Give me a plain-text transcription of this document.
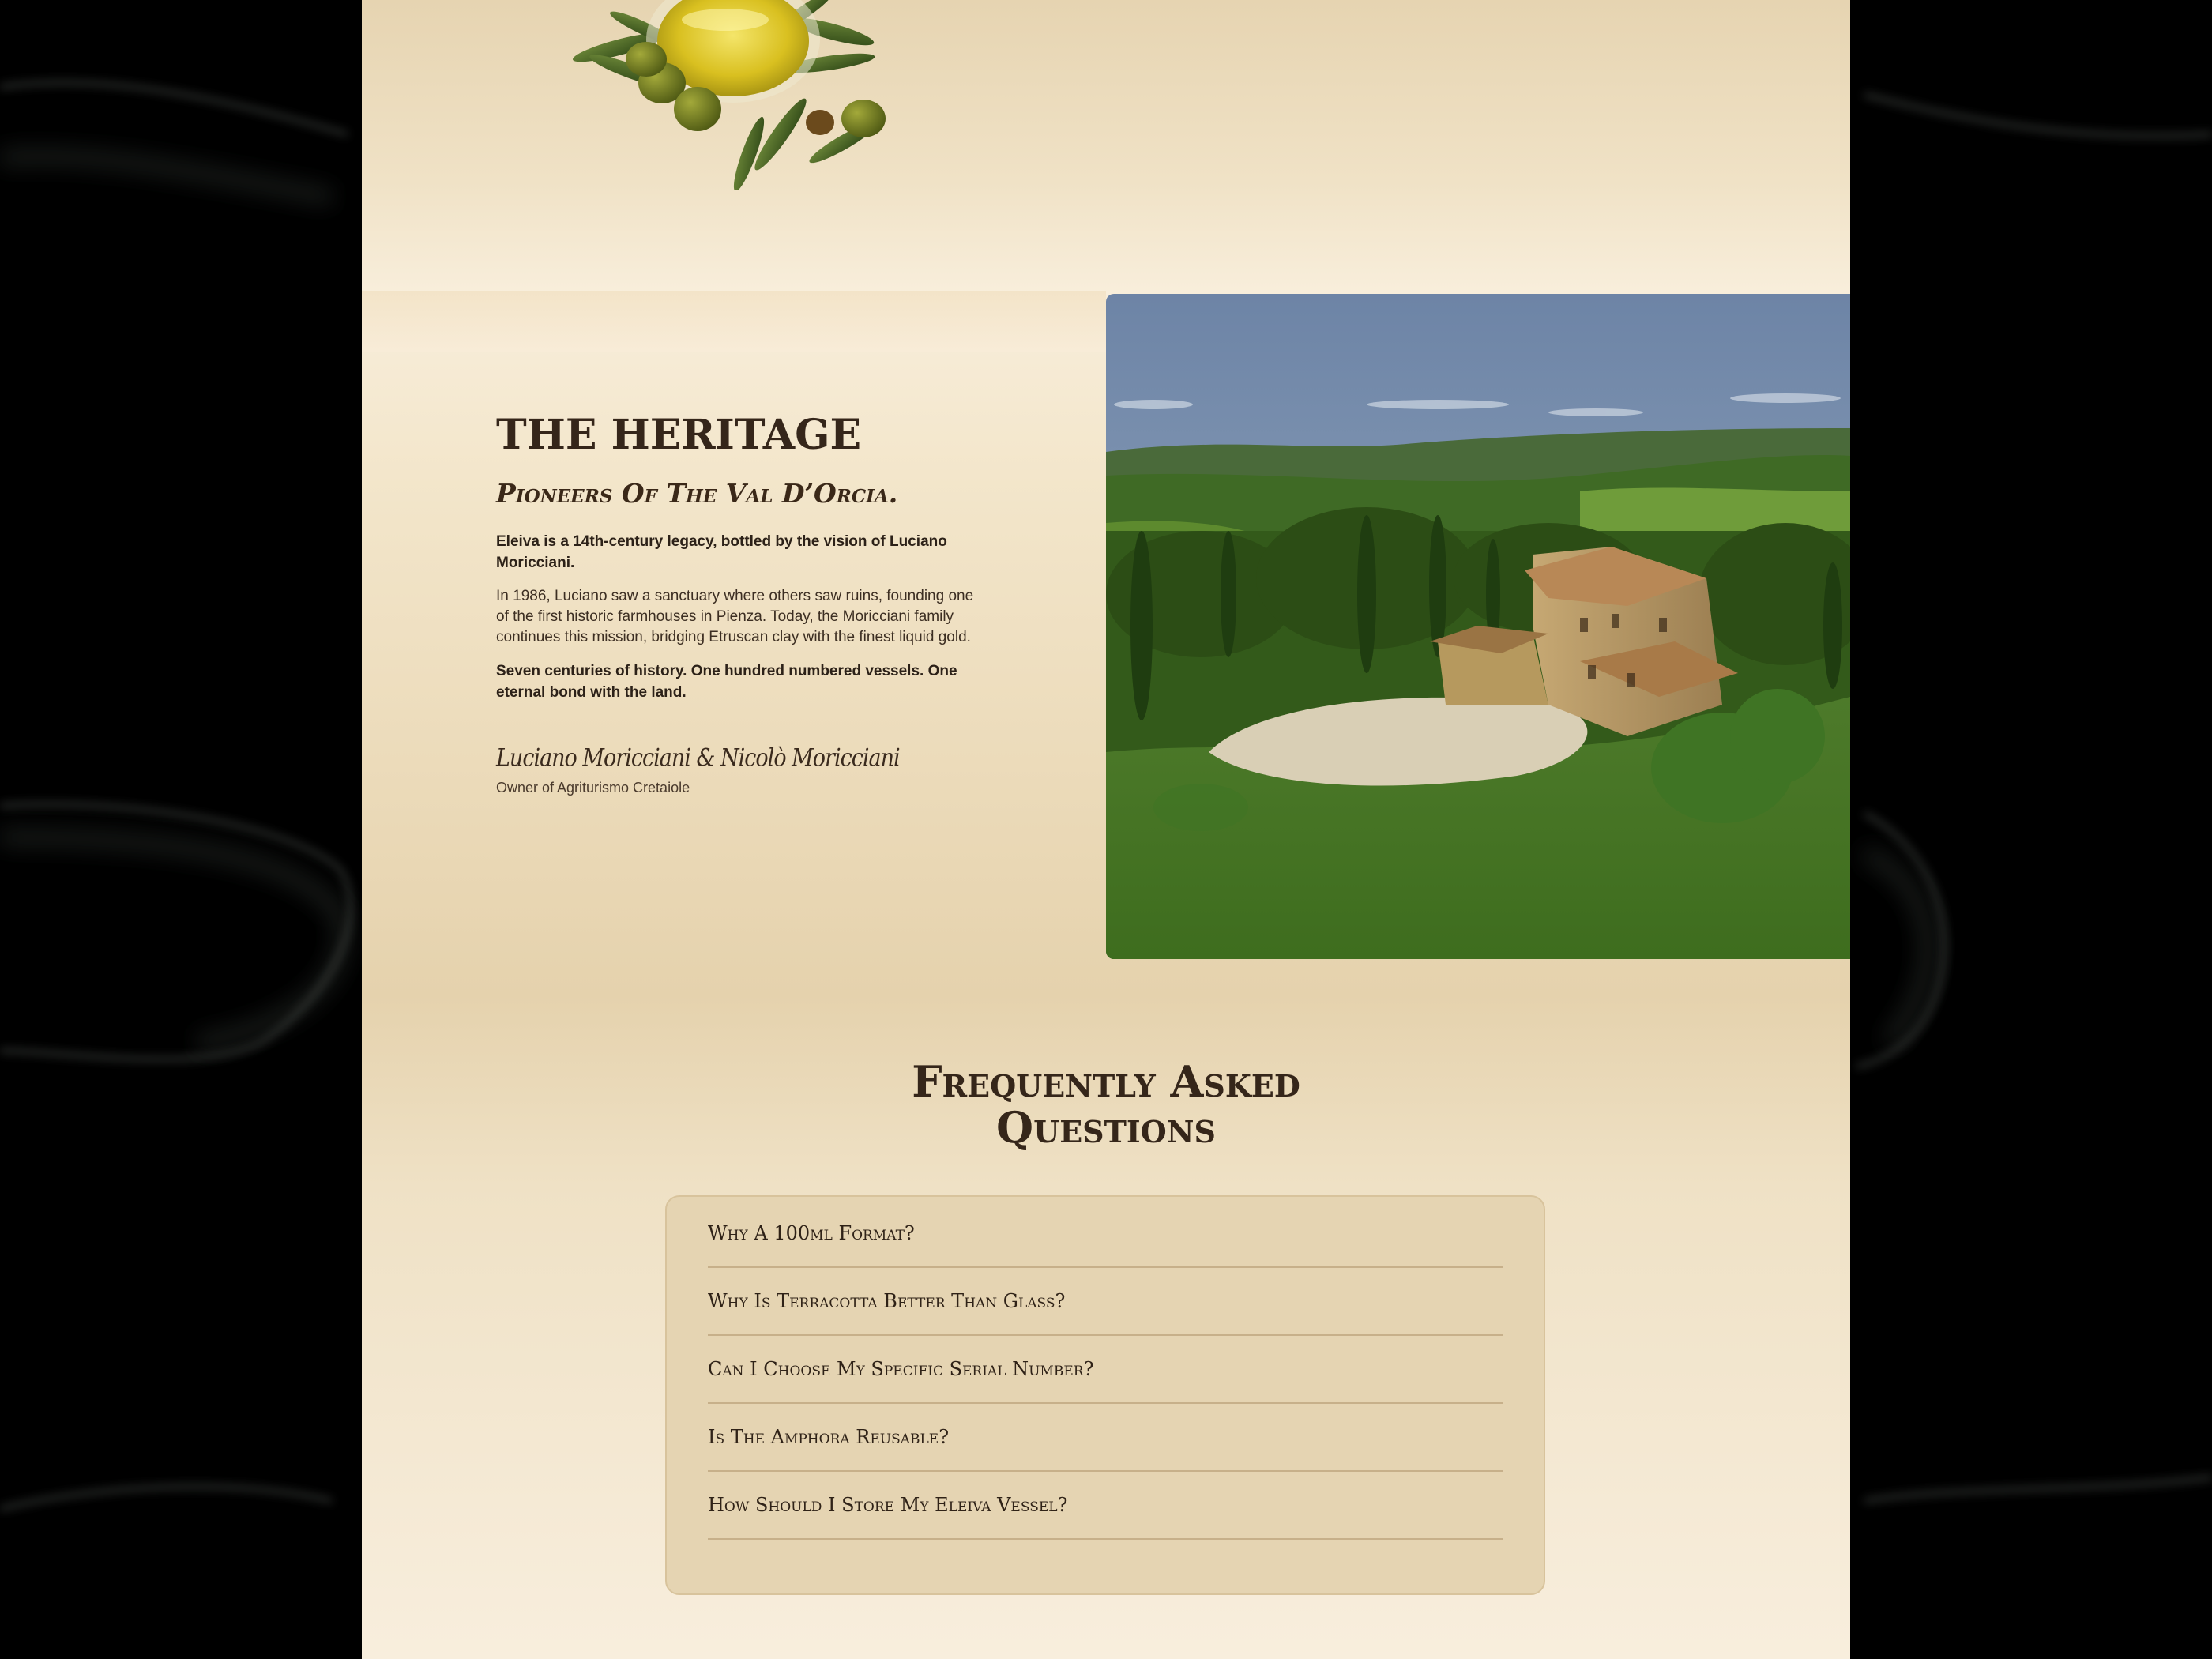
THE HERITAGE
Pioneers Of The Val D’Orcia.

Eleiva is a 14th-century legacy, bottled by the vision of Luciano Moricciani.

In 1986, Luciano saw a sanctuary where others saw ruins, founding one of the first historic farmhouses in Pienza. Today, the Moricciani family continues this mission, bridging Etruscan clay with the finest liquid gold.

Seven centuries of history. One hundred numbered vessels. One eternal bond with the land.

Luciano Moricciani & Nicolò Moricciani
Owner of Agriturismo Cretaiole
Frequently Asked
Questions
Why A 100ml Format?
Why Is Terracotta Better Than Glass?
Can I Choose My Specific Serial Number?
Is The Amphora Reusable?
How Should I Store My Eleiva Vessel?
